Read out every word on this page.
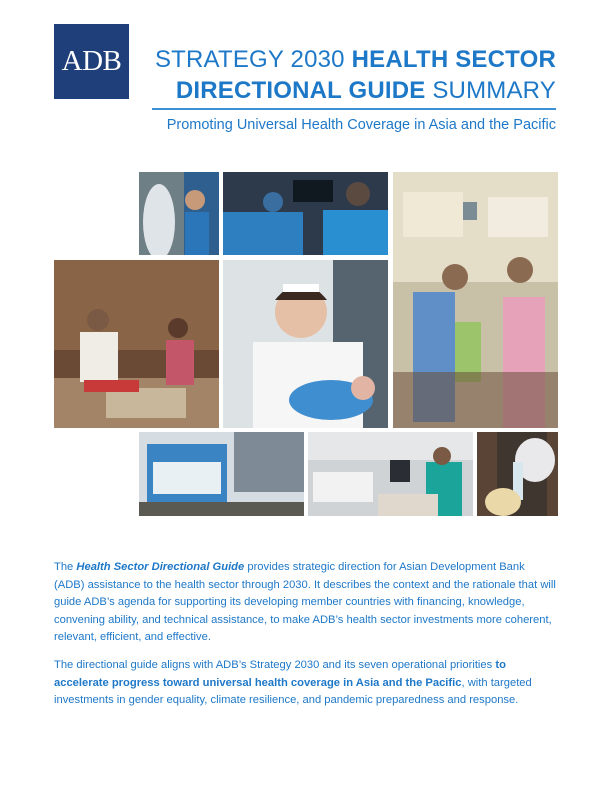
ADB STRATEGY 2030 HEALTH SECTOR
DIRECTIONAL GUIDE SUMMARY
Promoting Universal Health Coverage in Asia and the Pacific

The Health Sector Directional Guide provides strategic direction for Asian Development Bank (ADB) assistance to the health sector through 2030. It describes the context and the rationale that will guide ADB’s agenda for supporting its developing member countries with financing, knowledge, convening ability, and technical assistance, to make ADB’s health sector investments more coherent, relevant, efficient, and effective.

The directional guide aligns with ADB’s Strategy 2030 and its seven operational priorities to accelerate progress toward universal health coverage in Asia and the Pacific, with targeted investments in gender equality, climate resilience, and pandemic preparedness and response.
